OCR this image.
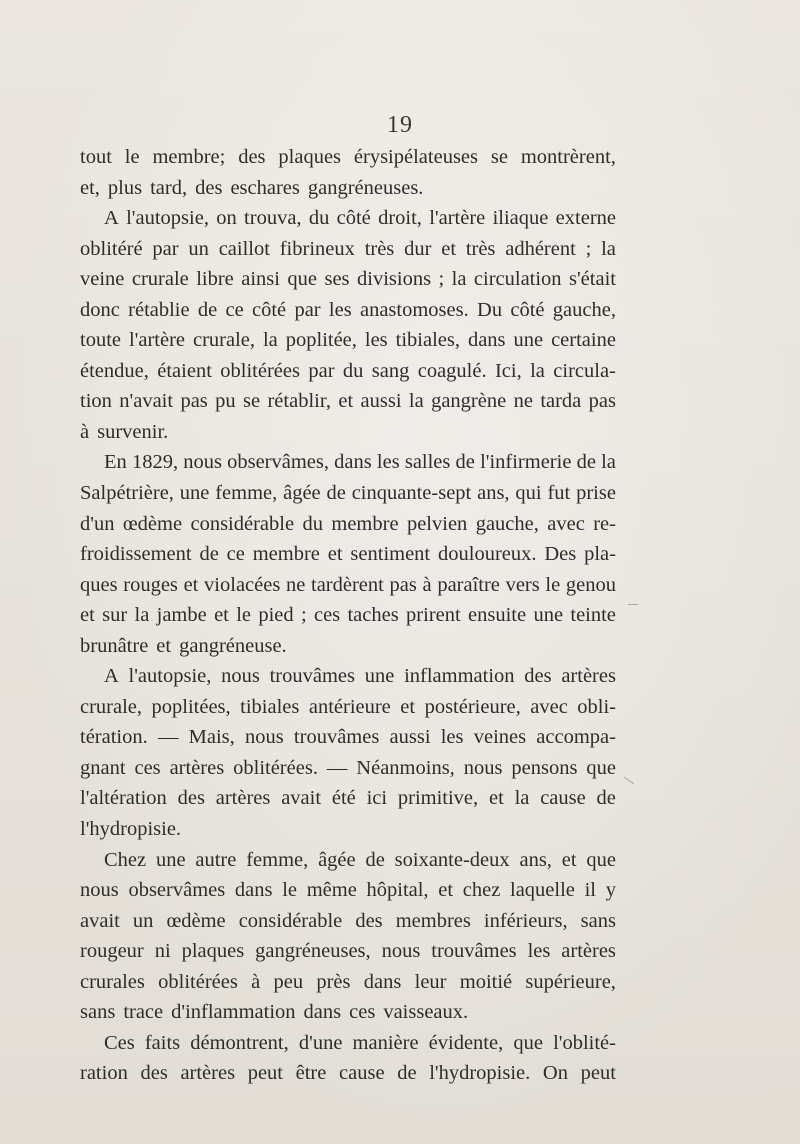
19
tout le membre; des plaques érysipélateuses se montrèrent,
et, plus tard, des eschares gangréneuses.
A l'autopsie, on trouva, du côté droit, l'artère iliaque externe
oblitéré par un caillot fibrineux très dur et très adhérent ; la
veine crurale libre ainsi que ses divisions ; la circulation s'était
donc rétablie de ce côté par les anastomoses. Du côté gauche,
toute l'artère crurale, la poplitée, les tibiales, dans une certaine
étendue, étaient oblitérées par du sang coagulé. Ici, la circula-
tion n'avait pas pu se rétablir, et aussi la gangrène ne tarda pas
à survenir.
En 1829, nous observâmes, dans les salles de l'infirmerie de la
Salpétrière, une femme, âgée de cinquante-sept ans, qui fut prise
d'un œdème considérable du membre pelvien gauche, avec re-
froidissement de ce membre et sentiment douloureux. Des pla-
ques rouges et violacées ne tardèrent pas à paraître vers le genou
et sur la jambe et le pied ; ces taches prirent ensuite une teinte
brunâtre et gangréneuse.
A l'autopsie, nous trouvâmes une inflammation des artères
crurale, poplitées, tibiales antérieure et postérieure, avec obli-
tération. — Mais, nous trouvâmes aussi les veines accompa-
gnant ces artères oblitérées. — Néanmoins, nous pensons que
l'altération des artères avait été ici primitive, et la cause de
l'hydropisie.
Chez une autre femme, âgée de soixante-deux ans, et que
nous observâmes dans le même hôpital, et chez laquelle il y
avait un œdème considérable des membres inférieurs, sans
rougeur ni plaques gangréneuses, nous trouvâmes les artères
crurales oblitérées à peu près dans leur moitié supérieure,
sans trace d'inflammation dans ces vaisseaux.
Ces faits démontrent, d'une manière évidente, que l'oblité-
ration des artères peut être cause de l'hydropisie. On peut
